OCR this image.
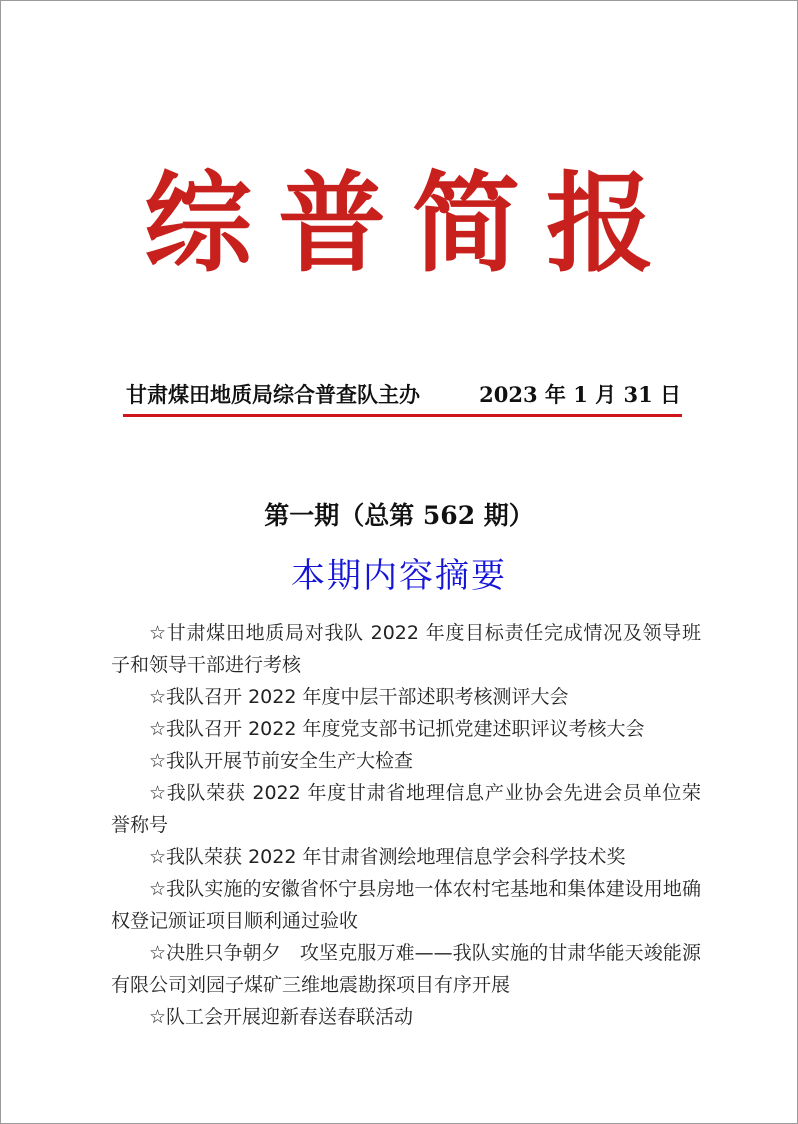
综 普 简 报
甘肃煤田地质局综合普查队主办	2023 年 1 月 31 日
第一期（总第 562 期）
本期内容摘要
☆甘肃煤田地质局对我队 2022 年度目标责任完成情况及领导班子和领导干部进行考核
☆我队召开 2022 年度中层干部述职考核测评大会
☆我队召开 2022 年度党支部书记抓党建述职评议考核大会
☆我队开展节前安全生产大检查
☆我队荣获 2022 年度甘肃省地理信息产业协会先进会员单位荣誉称号
☆我队荣获 2022 年甘肃省测绘地理信息学会科学技术奖
☆我队实施的安徽省怀宁县房地一体农村宅基地和集体建设用地确权登记颁证项目顺利通过验收
☆决胜只争朝夕　攻坚克服万难——我队实施的甘肃华能天竣能源有限公司刘园子煤矿三维地震勘探项目有序开展
☆队工会开展迎新春送春联活动
